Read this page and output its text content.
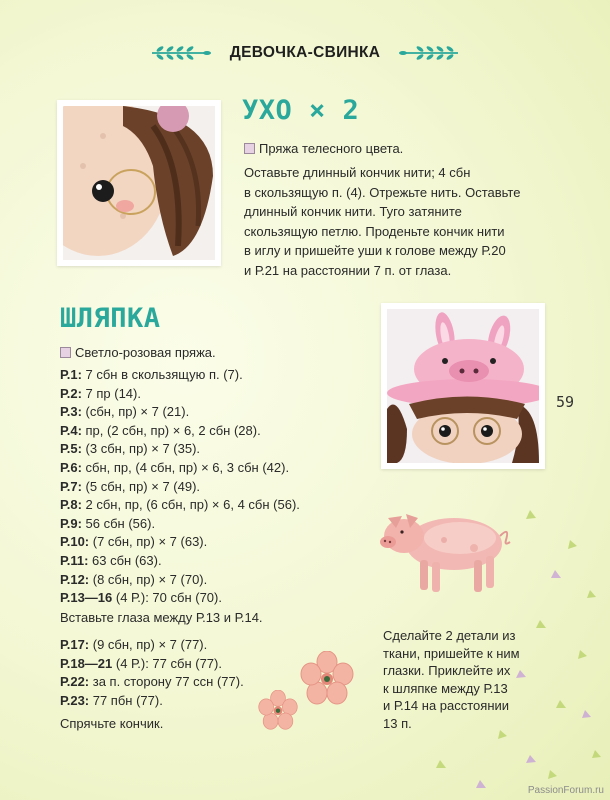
ДЕВОЧКА-СВИНКА
УХО × 2
Пряжа телесного цвета.
Оставьте длинный кончик нити; 4 сбн
в скользящую п. (4). Отрежьте нить. Оставьте
длинный кончик нити. Туго затяните
скользящую петлю. Проденьте кончик нити
в иглу и пришейте уши к голове между Р.20
и Р.21 на расстоянии 7 п. от глаза.
ШЛЯПКА
Светло-розовая пряжа.
Р.1: 7 сбн в скользящую п. (7).
Р.2: 7 пр (14).
Р.3: (сбн, пр) × 7 (21).
Р.4: пр, (2 сбн, пр) × 6, 2 сбн (28).
Р.5: (3 сбн, пр) × 7 (35).
Р.6: сбн, пр, (4 сбн, пр) × 6, 3 сбн (42).
Р.7: (5 сбн, пр) × 7 (49).
Р.8: 2 сбн, пр, (6 сбн, пр) × 6, 4 сбн (56).
Р.9: 56 сбн (56).
Р.10: (7 сбн, пр) × 7 (63).
Р.11: 63 сбн (63).
Р.12: (8 сбн, пр) × 7 (70).
Р.13—16 (4 Р.): 70 сбн (70).
Вставьте глаза между Р.13 и Р.14.
Р.17: (9 сбн, пр) × 7 (77).
Р.18—21 (4 Р.): 77 сбн (77).
Р.22: за п. сторону 77 ссн (77).
Р.23: 77 пбн (77).
Спрячьте кончик.
59
Сделайте 2 детали из
ткани, пришейте к ним
глазки. Приклейте их
к шляпке между Р.13
и Р.14 на расстоянии
13 п.
PassionForum.ru
